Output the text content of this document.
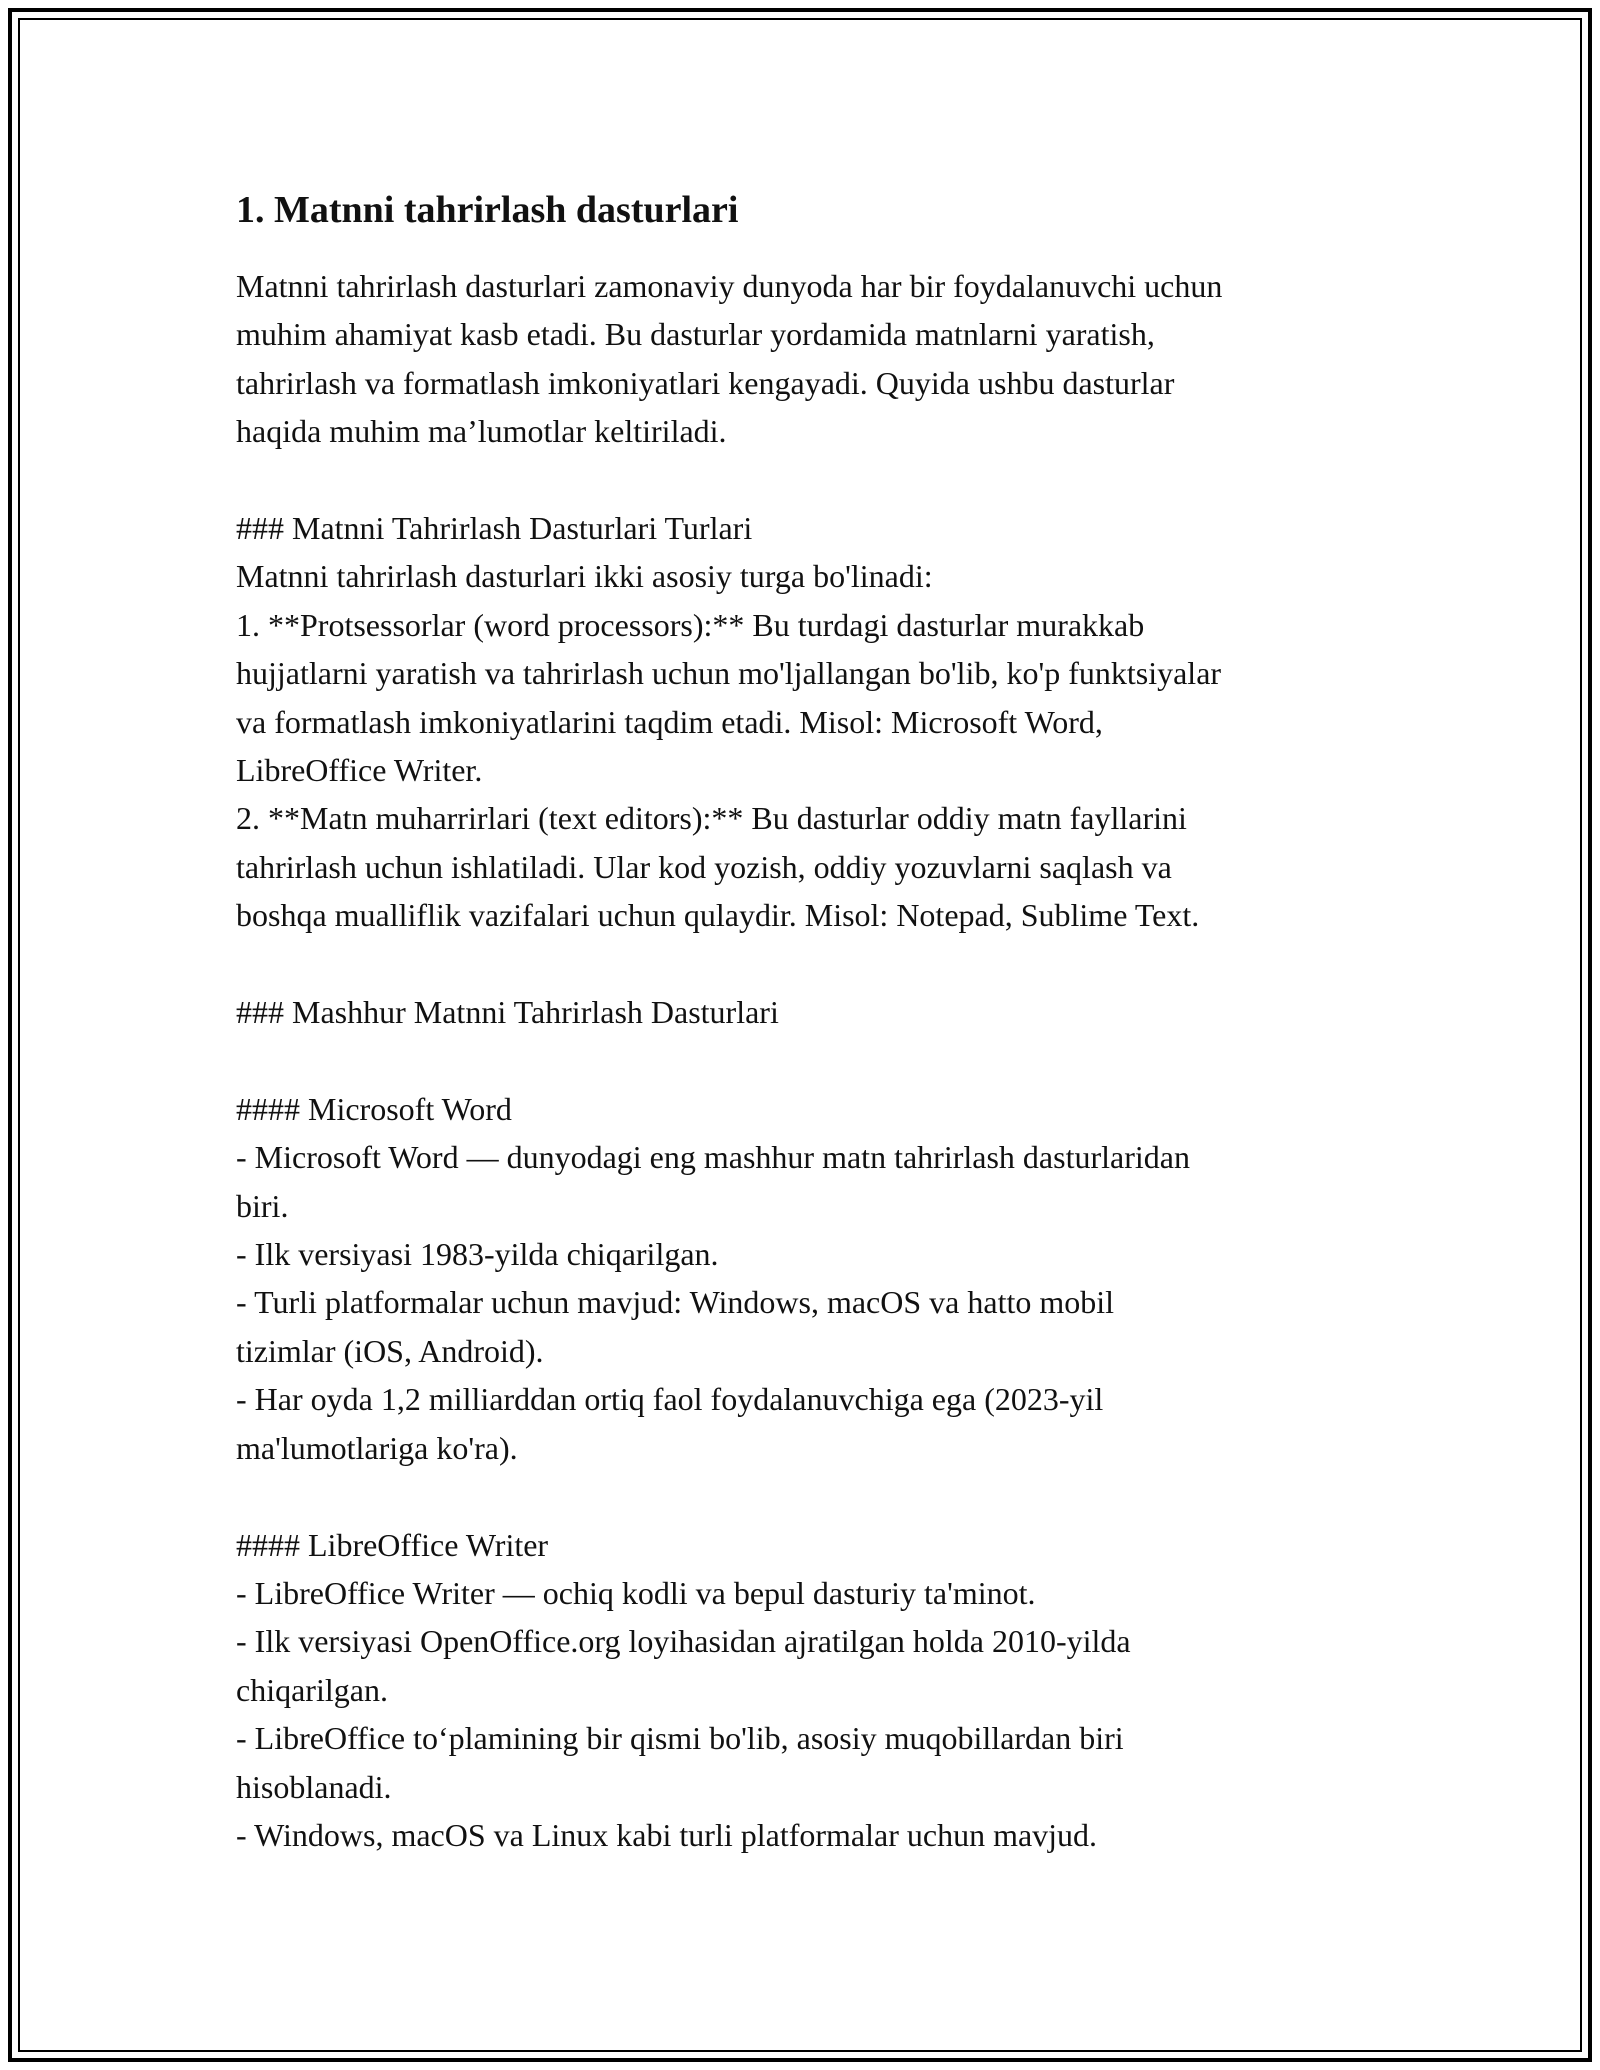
1. Matnni tahrirlash dasturlari
Matnni tahrirlash dasturlari zamonaviy dunyoda har bir foydalanuvchi uchun
muhim ahamiyat kasb etadi. Bu dasturlar yordamida matnlarni yaratish,
tahrirlash va formatlash imkoniyatlari kengayadi. Quyida ushbu dasturlar
haqida muhim ma’lumotlar keltiriladi.
### Matnni Tahrirlash Dasturlari Turlari
Matnni tahrirlash dasturlari ikki asosiy turga bo'linadi:
1. **Protsessorlar (word processors):** Bu turdagi dasturlar murakkab
hujjatlarni yaratish va tahrirlash uchun mo'ljallangan bo'lib, ko'p funktsiyalar
va formatlash imkoniyatlarini taqdim etadi. Misol: Microsoft Word,
LibreOffice Writer.
2. **Matn muharrirlari (text editors):** Bu dasturlar oddiy matn fayllarini
tahrirlash uchun ishlatiladi. Ular kod yozish, oddiy yozuvlarni saqlash va
boshqa mualliflik vazifalari uchun qulaydir. Misol: Notepad, Sublime Text.
### Mashhur Matnni Tahrirlash Dasturlari
#### Microsoft Word
- Microsoft Word — dunyodagi eng mashhur matn tahrirlash dasturlaridan
biri.
- Ilk versiyasi 1983-yilda chiqarilgan.
- Turli platformalar uchun mavjud: Windows, macOS va hatto mobil
tizimlar (iOS, Android).
- Har oyda 1,2 milliarddan ortiq faol foydalanuvchiga ega (2023-yil
ma'lumotlariga ko'ra).
#### LibreOffice Writer
- LibreOffice Writer — ochiq kodli va bepul dasturiy ta'minot.
- Ilk versiyasi OpenOffice.org loyihasidan ajratilgan holda 2010-yilda
chiqarilgan.
- LibreOffice to‘plamining bir qismi bo'lib, asosiy muqobillardan biri
hisoblanadi.
- Windows, macOS va Linux kabi turli platformalar uchun mavjud.
